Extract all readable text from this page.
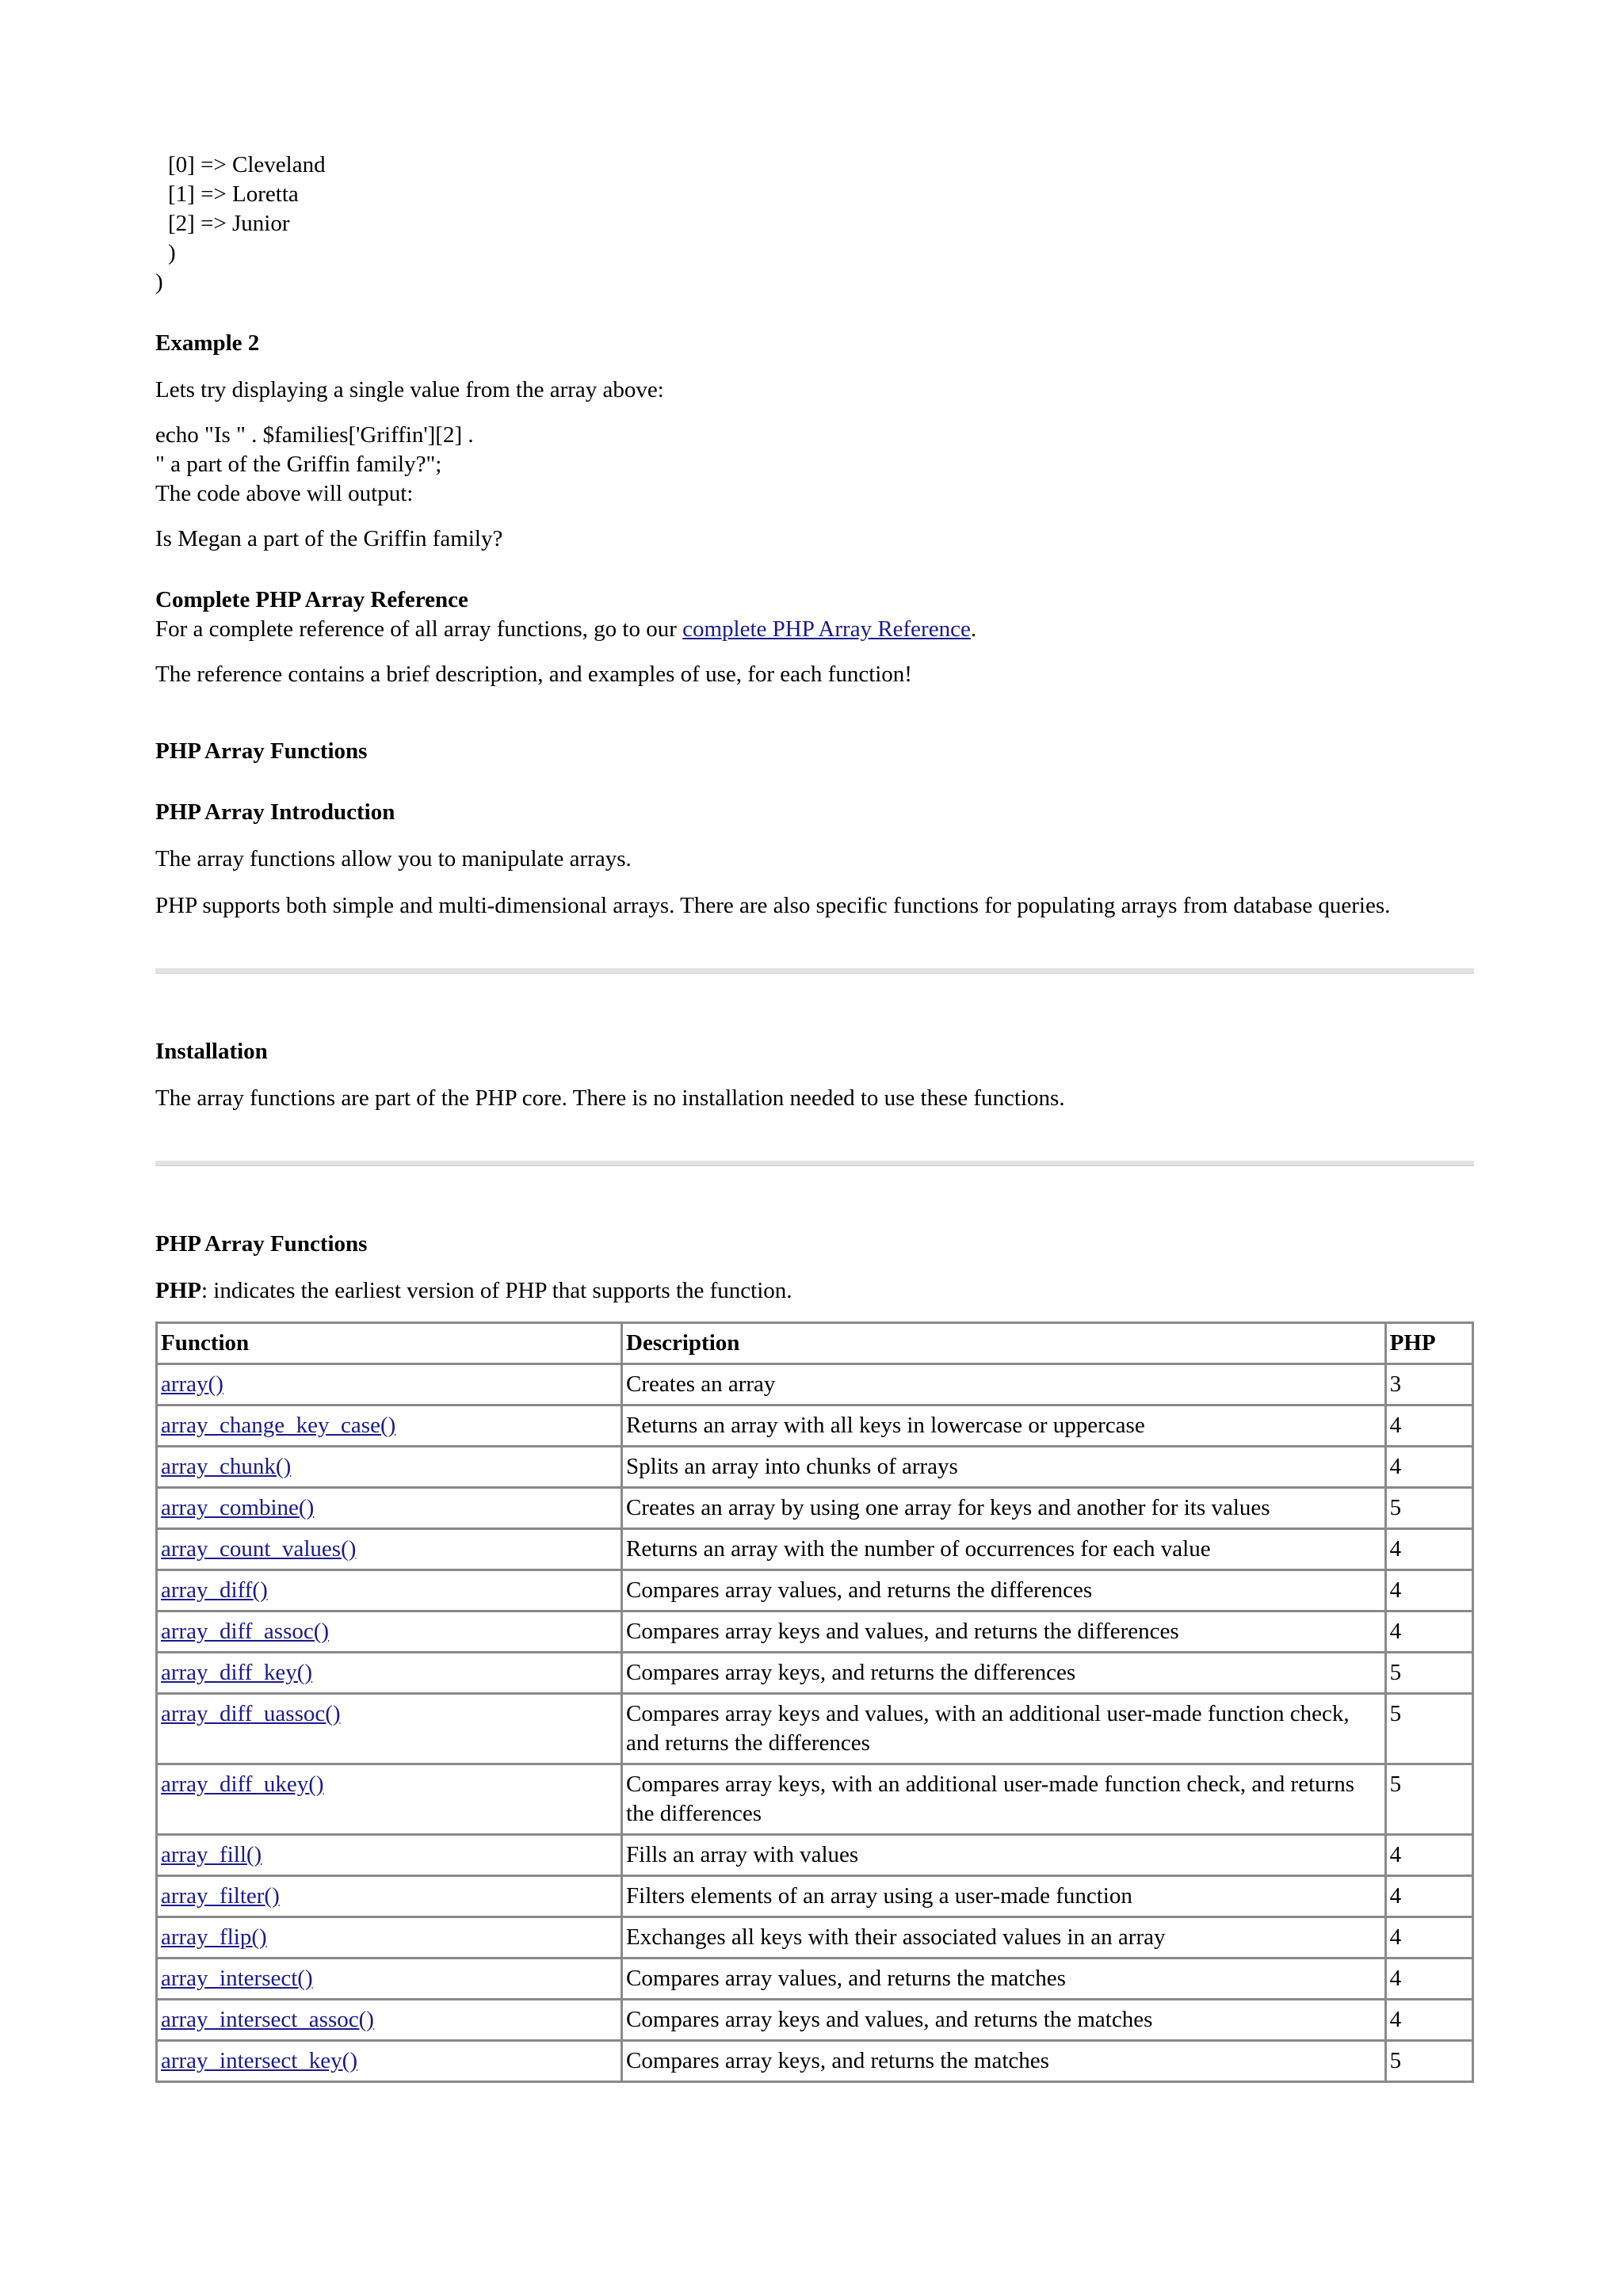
[0] => Cleveland
[1] => Loretta
[2] => Junior
)
)
Example 2
Lets try displaying a single value from the array above:
echo "Is " . $families['Griffin'][2] .
" a part of the Griffin family?";
The code above will output:
Is Megan a part of the Griffin family?
Complete PHP Array Reference
For a complete reference of all array functions, go to our complete PHP Array Reference.
The reference contains a brief description, and examples of use, for each function!
PHP Array Functions
PHP Array Introduction
The array functions allow you to manipulate arrays.
PHP supports both simple and multi-dimensional arrays. There are also specific functions for populating arrays from database queries.
Installation
The array functions are part of the PHP core. There is no installation needed to use these functions.
PHP Array Functions
PHP: indicates the earliest version of PHP that supports the function.
Function	Description	PHP
array()	Creates an array	3
array_change_key_case()	Returns an array with all keys in lowercase or uppercase	4
array_chunk()	Splits an array into chunks of arrays	4
array_combine()	Creates an array by using one array for keys and another for its values	5
array_count_values()	Returns an array with the number of occurrences for each value	4
array_diff()	Compares array values, and returns the differences	4
array_diff_assoc()	Compares array keys and values, and returns the differences	4
array_diff_key()	Compares array keys, and returns the differences	5
array_diff_uassoc()	Compares array keys and values, with an additional user-made function check, and returns the differences	5
array_diff_ukey()	Compares array keys, with an additional user-made function check, and returns the differences	5
array_fill()	Fills an array with values	4
array_filter()	Filters elements of an array using a user-made function	4
array_flip()	Exchanges all keys with their associated values in an array	4
array_intersect()	Compares array values, and returns the matches	4
array_intersect_assoc()	Compares array keys and values, and returns the matches	4
array_intersect_key()	Compares array keys, and returns the matches	5
